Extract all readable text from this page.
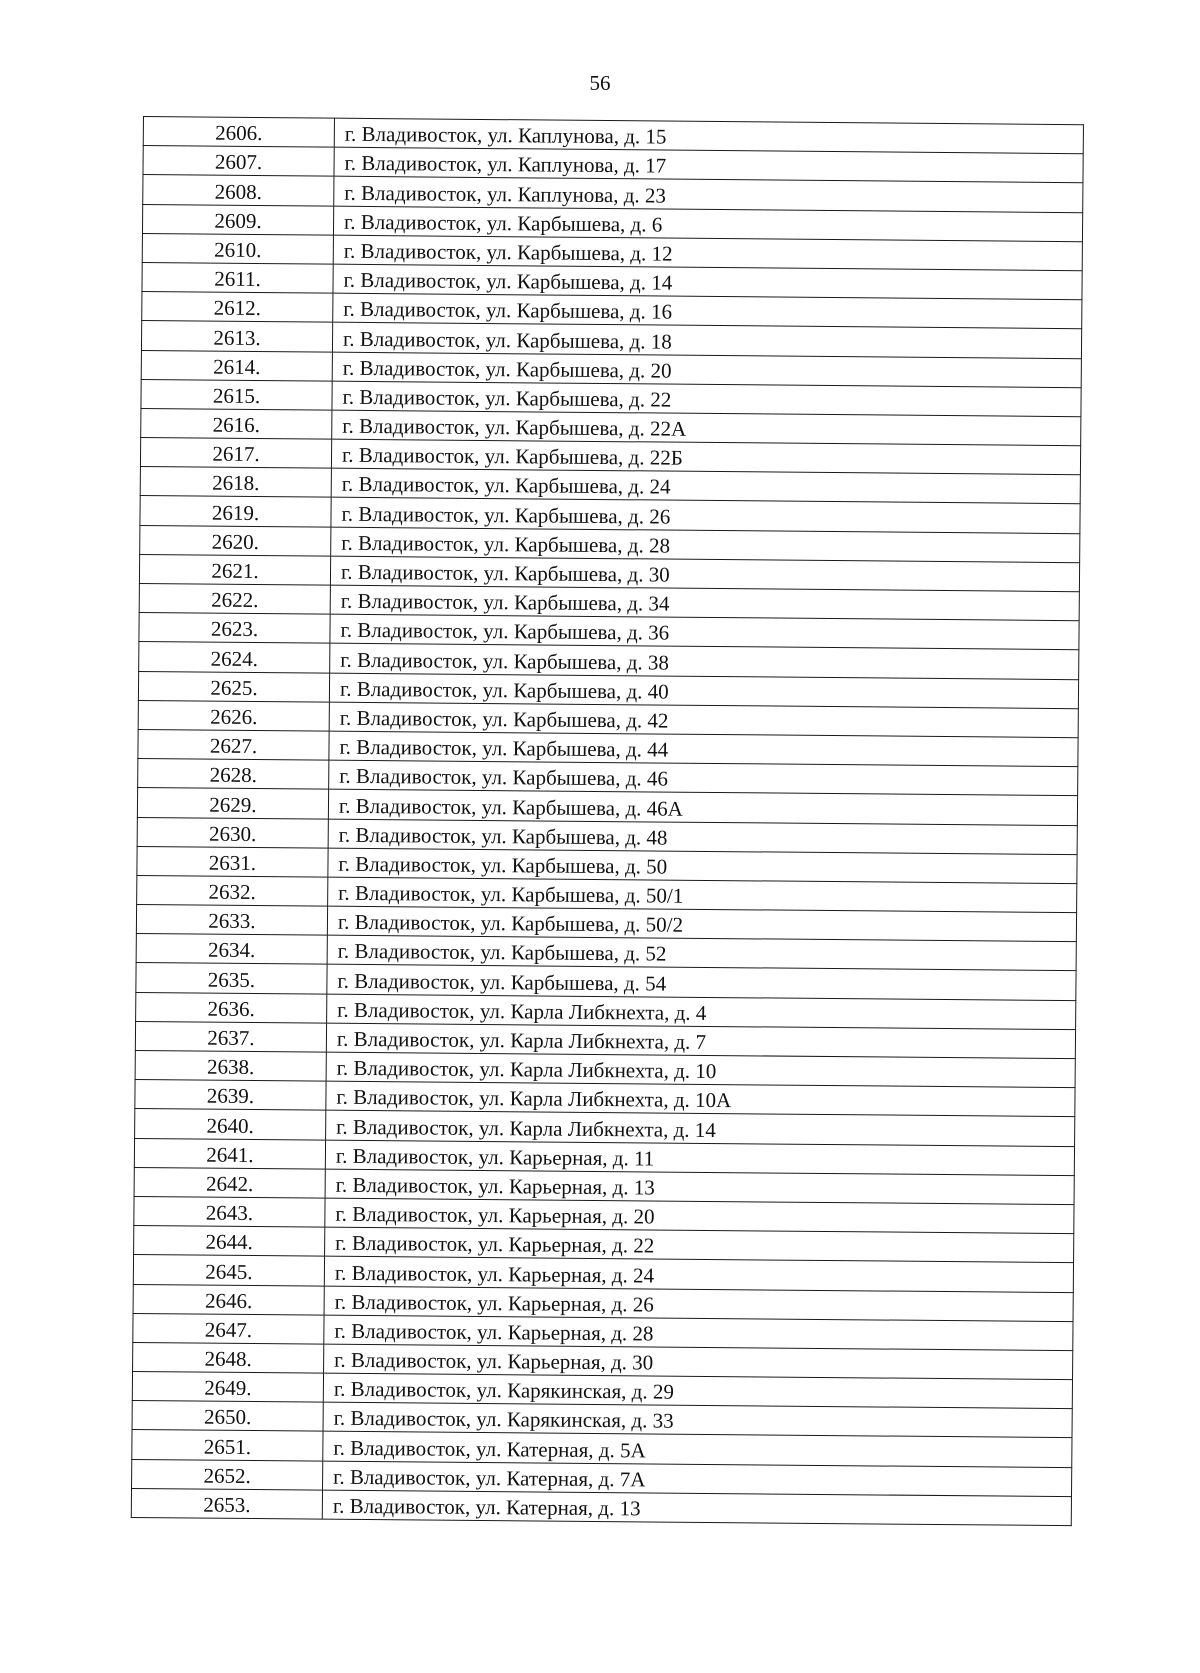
56
2606.	г. Владивосток, ул. Каплунова, д. 15
2607.	г. Владивосток, ул. Каплунова, д. 17
2608.	г. Владивосток, ул. Каплунова, д. 23
2609.	г. Владивосток, ул. Карбышева, д. 6
2610.	г. Владивосток, ул. Карбышева, д. 12
2611.	г. Владивосток, ул. Карбышева, д. 14
2612.	г. Владивосток, ул. Карбышева, д. 16
2613.	г. Владивосток, ул. Карбышева, д. 18
2614.	г. Владивосток, ул. Карбышева, д. 20
2615.	г. Владивосток, ул. Карбышева, д. 22
2616.	г. Владивосток, ул. Карбышева, д. 22А
2617.	г. Владивосток, ул. Карбышева, д. 22Б
2618.	г. Владивосток, ул. Карбышева, д. 24
2619.	г. Владивосток, ул. Карбышева, д. 26
2620.	г. Владивосток, ул. Карбышева, д. 28
2621.	г. Владивосток, ул. Карбышева, д. 30
2622.	г. Владивосток, ул. Карбышева, д. 34
2623.	г. Владивосток, ул. Карбышева, д. 36
2624.	г. Владивосток, ул. Карбышева, д. 38
2625.	г. Владивосток, ул. Карбышева, д. 40
2626.	г. Владивосток, ул. Карбышева, д. 42
2627.	г. Владивосток, ул. Карбышева, д. 44
2628.	г. Владивосток, ул. Карбышева, д. 46
2629.	г. Владивосток, ул. Карбышева, д. 46А
2630.	г. Владивосток, ул. Карбышева, д. 48
2631.	г. Владивосток, ул. Карбышева, д. 50
2632.	г. Владивосток, ул. Карбышева, д. 50/1
2633.	г. Владивосток, ул. Карбышева, д. 50/2
2634.	г. Владивосток, ул. Карбышева, д. 52
2635.	г. Владивосток, ул. Карбышева, д. 54
2636.	г. Владивосток, ул. Карла Либкнехта, д. 4
2637.	г. Владивосток, ул. Карла Либкнехта, д. 7
2638.	г. Владивосток, ул. Карла Либкнехта, д. 10
2639.	г. Владивосток, ул. Карла Либкнехта, д. 10А
2640.	г. Владивосток, ул. Карла Либкнехта, д. 14
2641.	г. Владивосток, ул. Карьерная, д. 11
2642.	г. Владивосток, ул. Карьерная, д. 13
2643.	г. Владивосток, ул. Карьерная, д. 20
2644.	г. Владивосток, ул. Карьерная, д. 22
2645.	г. Владивосток, ул. Карьерная, д. 24
2646.	г. Владивосток, ул. Карьерная, д. 26
2647.	г. Владивосток, ул. Карьерная, д. 28
2648.	г. Владивосток, ул. Карьерная, д. 30
2649.	г. Владивосток, ул. Карякинская, д. 29
2650.	г. Владивосток, ул. Карякинская, д. 33
2651.	г. Владивосток, ул. Катерная, д. 5А
2652.	г. Владивосток, ул. Катерная, д. 7А
2653.	г. Владивосток, ул. Катерная, д. 13
